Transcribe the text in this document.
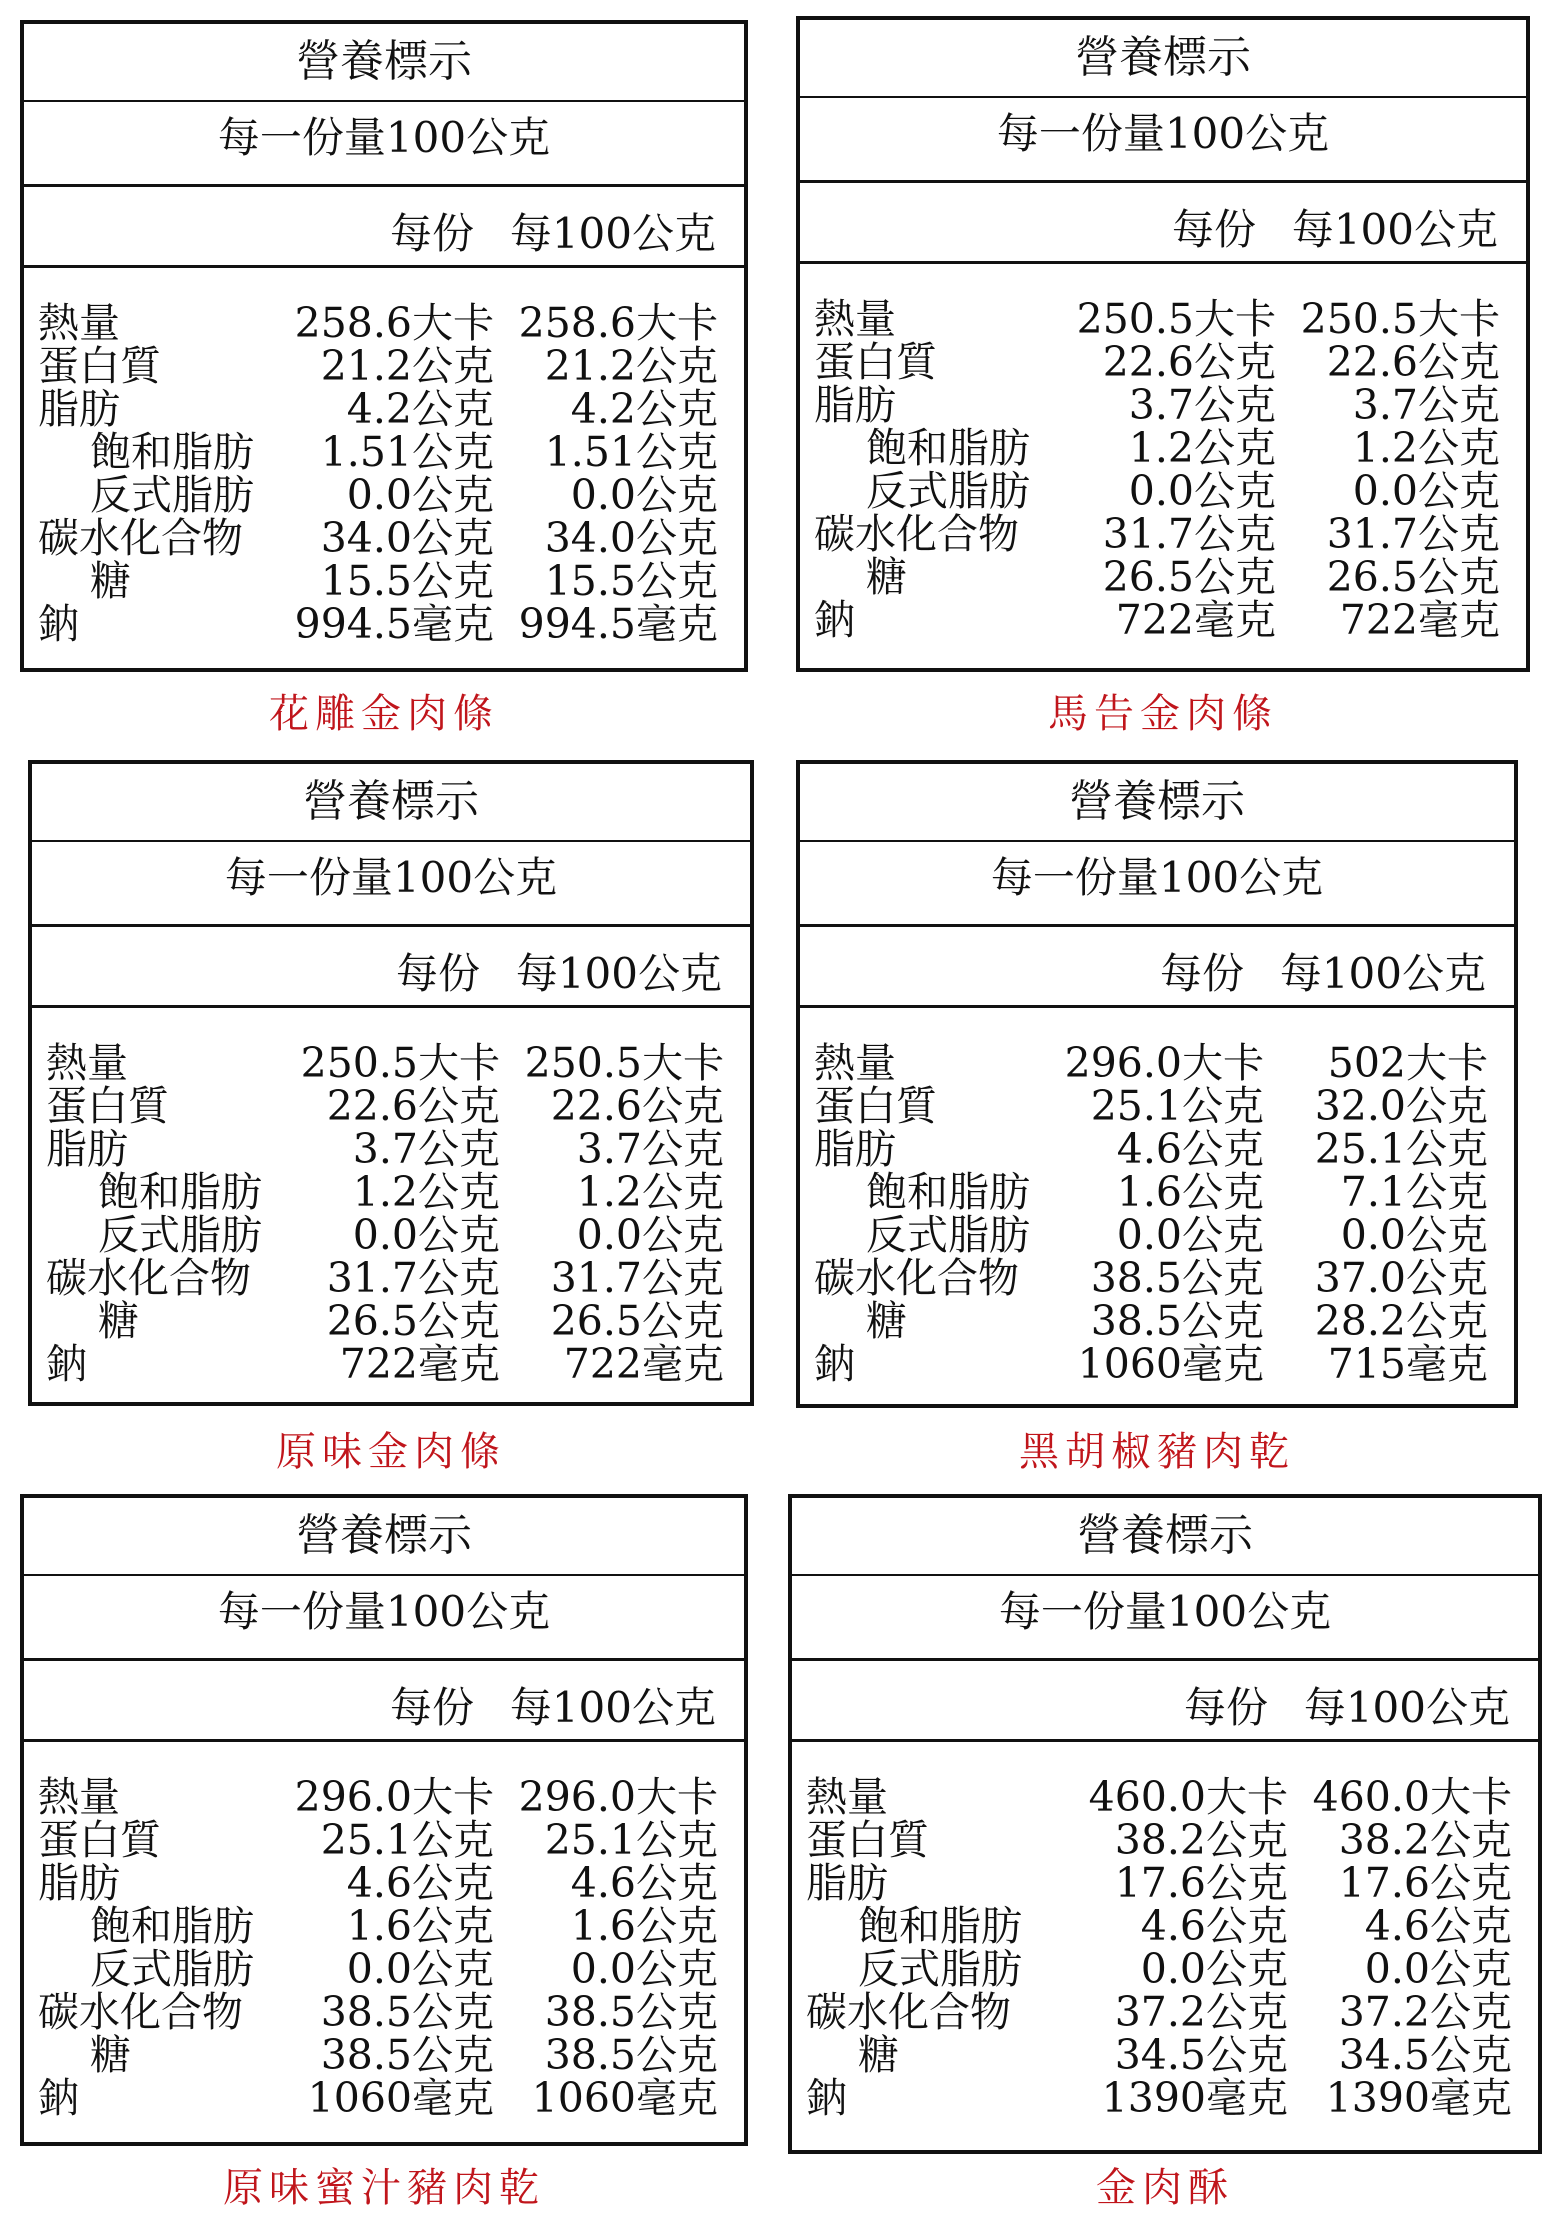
營養標示
每一份量100公克
每份 每100公克
熱量	258.6大卡 258.6大卡
蛋白質	21.2公克 21.2公克
脂肪	4.2公克 4.2公克
飽和脂肪 1.51公克 1.51公克
反式脂肪 0.0公克 0.0公克
碳水化合物 34.0公克 34.0公克
糖	15.5公克 15.5公克
鈉	994.5毫克 994.5毫克
花雕金肉條
營養標示
每一份量100公克
每份 每100公克
熱量	250.5大卡 250.5大卡
蛋白質	22.6公克 22.6公克
脂肪	3.7公克 3.7公克
飽和脂肪 1.2公克 1.2公克
反式脂肪 0.0公克 0.0公克
碳水化合物 31.7公克 31.7公克
糖	26.5公克 26.5公克
鈉	722毫克 722毫克
馬告金肉條
營養標示
每一份量100公克
每份 每100公克
熱量	250.5大卡 250.5大卡
蛋白質	22.6公克 22.6公克
脂肪	3.7公克 3.7公克
飽和脂肪 1.2公克 1.2公克
反式脂肪 0.0公克 0.0公克
碳水化合物 31.7公克 31.7公克
糖	26.5公克 26.5公克
鈉	722毫克 722毫克
原味金肉條
營養標示
每一份量100公克
每份 每100公克
熱量	296.0大卡 502大卡
蛋白質	25.1公克 32.0公克
脂肪	4.6公克 25.1公克
飽和脂肪 1.6公克 7.1公克
反式脂肪 0.0公克 0.0公克
碳水化合物 38.5公克 37.0公克
糖	38.5公克 28.2公克
鈉	1060毫克 715毫克
黑胡椒豬肉乾
營養標示
每一份量100公克
每份 每100公克
熱量	296.0大卡 296.0大卡
蛋白質	25.1公克 25.1公克
脂肪	4.6公克 4.6公克
飽和脂肪 1.6公克 1.6公克
反式脂肪 0.0公克 0.0公克
碳水化合物 38.5公克 38.5公克
糖	38.5公克 38.5公克
鈉	1060毫克 1060毫克
原味蜜汁豬肉乾
營養標示
每一份量100公克
每份 每100公克
熱量	460.0大卡 460.0大卡
蛋白質	38.2公克 38.2公克
脂肪	17.6公克 17.6公克
飽和脂肪	4.6公克 4.6公克
反式脂肪	0.0公克 0.0公克
碳水化合物	37.2公克 37.2公克
糖	34.5公克 34.5公克
鈉	1390毫克 1390毫克
金肉酥
